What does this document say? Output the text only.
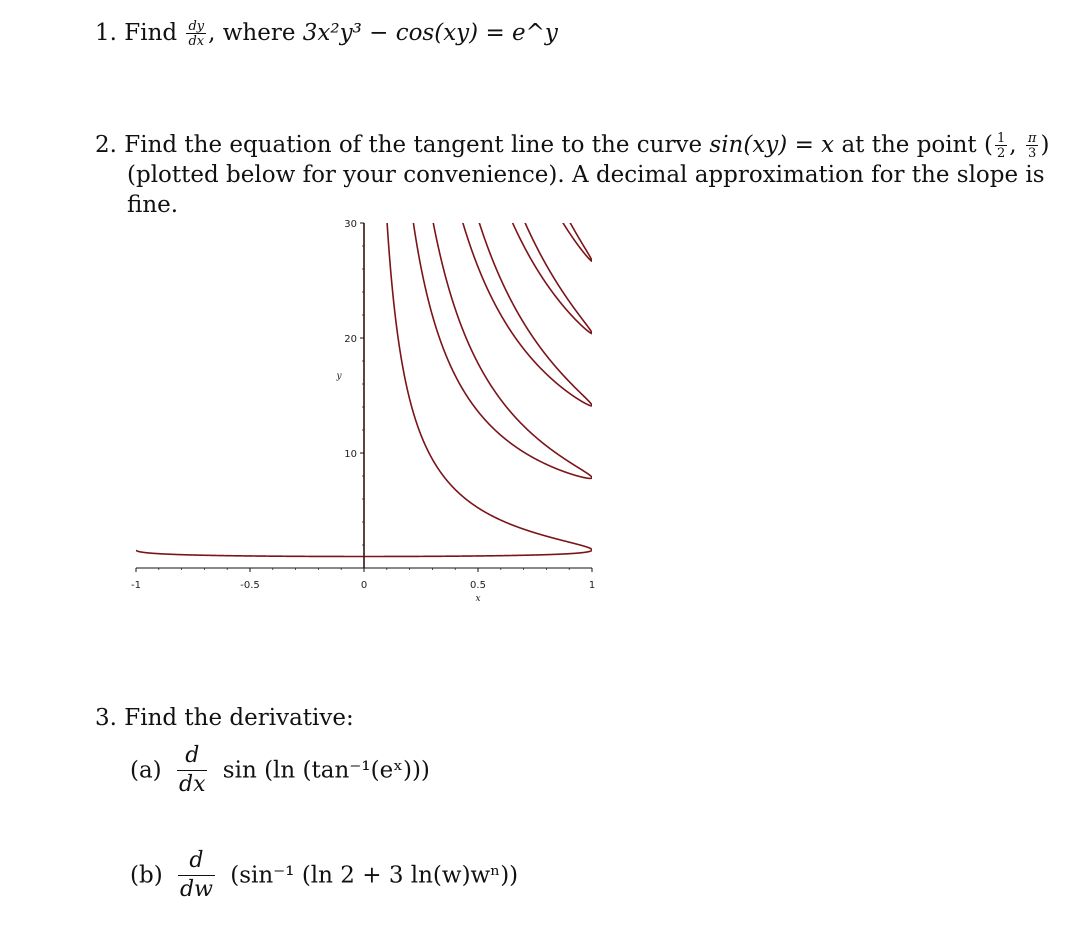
1. Find $\frac{dy}{dx}$ , where 3x²y³ − cos(xy) = e^y
2. Find the equation of the tangent line to the curve sin(xy) = x at the point ( $\frac{1}{2}$ , $\frac{\pi}{3}$ )
(plotted below for your convenience). A decimal approximation for the slope is
fine.
-1	-0.5	0	0.5	1
10
20
30
x
y
3. Find the derivative:
$(a) \frac{d}{dx}$ sin (ln (tan⁻¹(eˣ)))
$(b) \frac{d}{dw} (\sin^{-1}$ (ln 2 + 3 ln(w)wⁿ))
